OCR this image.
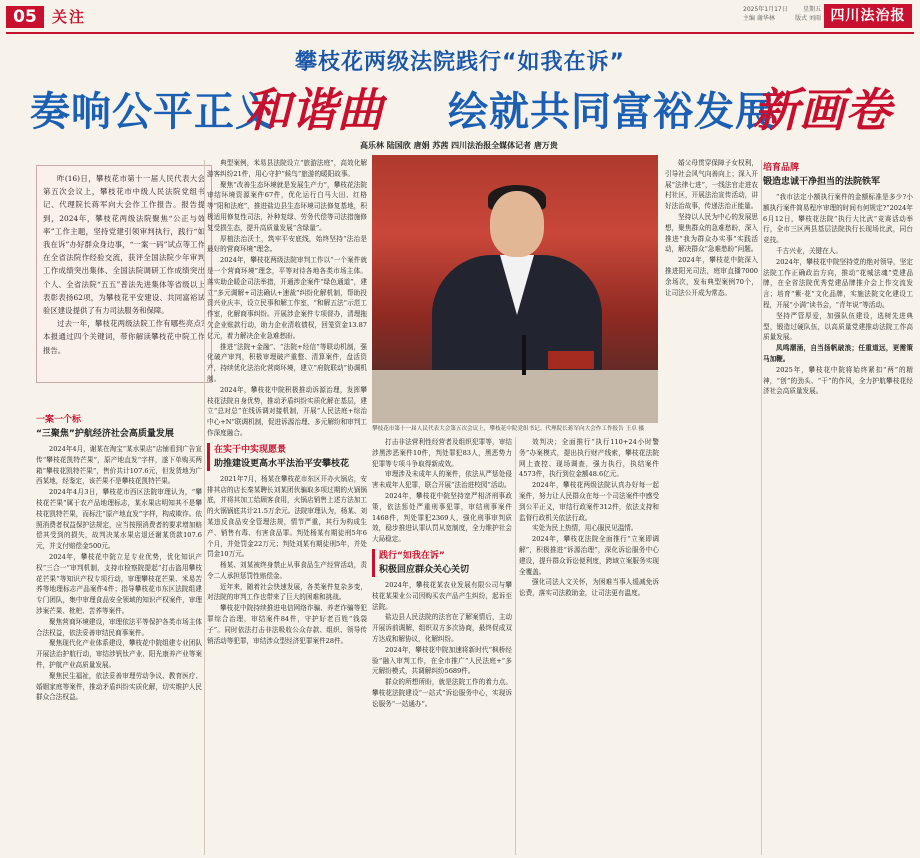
05	关注	2025年1月17日	星期五
主编 谢华林	版式 刘雨 四川法治报
攀枝花两级法院践行“如我在诉”
奏响公平正义
和谐曲 绘就共同富裕发展
新画卷
高乐林 陆国欣 唐娟 苏茜 四川法治报全媒体记者 唐万贵

昨(16)日，攀枝花市第十一届人民代表大会第五次会议上，攀枝花市中级人民法院党组书记、代理院长蒋军向大会作工作报告。报告提到，2024年，攀枝花两级法院聚焦“公正与效率”工作主题，坚持党建引领审判执行，践行“如我在诉”办好群众身边事，“一案一码”试点等工作在全省法院作经验交流，获评全国法院少年审判工作成绩突出集体、全国法院调研工作成绩突出个人、全省法院“五五”普法先进集体等省级以上表彰表扬62项，为攀枝花平安建设、共同富裕试验区建设提供了有力司法服务和保障。

过去一年，攀枝花两级法院工作有哪些亮点?本报通过四个关键词，带你解读攀枝花中院工作报告。

一案一个标
“三聚焦”护航经济社会高质量发展

2024年4月，谢某在淘宝“某水果店”店铺看到广告宣传“攀枝花凯特芒果”，原产地直发“字样，遂下单购买两箱“攀枝花凯特芒果”，售价共计107.6元，但发货地为广西某地，经鉴定，该芒果不是攀枝花凯特芒果。

2024年4月3日，攀枝花市西区法院审理认为，“攀枝花芒果”属于农产品地理标志，某水果店明知其不是攀枝花凯特芒果，而标注“原产地直发”字样，构成欺诈。依照消费者权益保护法规定，应当按照消费者的要求增加赔偿其受到的损失，故判决某水果店退还谢某货款107.6元，并支付赔偿金500元。

2024年，攀枝花中院立足专业优势，优化知识产权“三合一”审判机制，支持市检察院提起“打击盗用攀枝花芒果”等知识产权专项行动，审理攀枝花芒果、米易苦荞等地理标志产品案件4件；指导攀枝花市东区法院组建专门团队，集中审理食品安全领域的知识产权案件，审理涉案芒果、枇杷、苦荞等案件。

聚焦营商环境建设，审理依法平等保护各类市场主体合法权益，依法妥善审结民商事案件。

聚焦现代化产业体系建设，攀枝花中院组建专业团队开展法治护航行动，审结涉钒钛产业、阳光康养产业等案件，护航产业高质量发展。

聚焦民生福祉，依法妥善审理劳动争议、教育医疗、婚姻家庭等案件，推动矛盾纠纷实质化解，切实维护人民群众合法权益。

典型案例，米易县法院设立“旅游法庭”，高效化解游客纠纷21件，用心守护“候鸟”旅游的暖阳故事。

聚焦“改善生态环境就是发展生产力”，攀枝花法院审结环境资源案件67件，优化运行白马大田、红格等“阳和法庭”，推进盐边县生态环境司法修复基地，积极适用修复性司法，补种复绿、劳务代偿等司法措施修复受损生态，提升高质量发展“含绿量”。

厚植法治沃土，筑牢平安底线，始终坚持“法治是最好的营商环境”理念。

2024年，攀枝花两级法院审判工作以“一个案件就是一个营商环境”理念，平等对待各地各类市场主体。落实助企暖企司法举措，开通涉企案件“绿色通道”，建立“多元调解+司法确认+速裁”纠纷化解机制，帮助投资兴业庆丰，设立民事和解工作室，“和解五法”示范工作室，化解商事纠纷。开展涉企案件专项督办，清理拖欠企业账款行动，助力企业清收债权，回笼资金13.87亿元，着力解决企业急难愁盼。

推进“法院+金融”、“法院+经信”等联动机制，强化破产审判，积极审理破产重整、清算案件，盘活资产，持续优化法治化营商环境，建立“府院联动”协调机制。

2024年，攀枝花中院积极推动诉源治理，发挥攀枝花法院自身优势，推动矛盾纠纷实质化解在基层，建立“总对总”在线诉调对接机制，开展“人民法庭+综治中心+N”联调机制，促进诉源治理、多元解纷和审判工作深度融合。

在实干中实现愿景
助推建设更高水平法治平安攀枝花

2021年7月，杨某在攀枝花市东区开办火锅店，安排其店的店长秦某聘长刘某团伙骗取多项过期的火锅锅底，并将其加工给顾客食用，火锅店销售上述方法加工的火锅锅底共计21.5万余元。法院审理认为，杨某、刘某违反食品安全管理法规，情节严重，其行为构成生产、销售有毒、有害食品罪。判处杨某有期徒刑5年6个月，并处罚金22万元；判处刘某有期徒刑5年，并处罚金10万元。

杨某、刘某被终身禁止从事食品生产经营活动，责令二人承担惩罚性赔偿金。

近年来，随着社会快速发展，各类案件复杂多变，对法院的审判工作也带来了巨大的困难和挑战。

攀枝花中院持续推进电信网络诈骗、养老诈骗等犯罪综合治理，审结案件84件，守护好老百姓“钱袋子”。同时依法打击非法吸收公众存款、组织、领导传销活动等犯罪，审结涉众型经济犯罪案件28件。

攀枝花市第十一届人民代表大会第五次会议上，攀枝花中院党组书记、代理院长蒋军向大会作工作报告 王卓 摄

打击非法营利性经营者及组织犯罪等，审结涉黑涉恶案件10件，判处罪犯83人，黑恶势力犯罪等专项斗争取得新成效。

审理涉及未成年人的案件，依法从严惩处侵害未成年人犯罪，联合开展“法治进校园”活动。

2024年，攀枝花中院坚持宽严相济刑事政策，依法惩处严重刑事犯罪，审结刑事案件1468件，判处罪犯2369人，强化刑事审判质效，稳步推进认罪认罚从宽制度，全力维护社会大局稳定。

践行“如我在诉”
积极回应群众关心关切

2024年，攀枝花某农业发展有限公司与攀枝花某果业公司因购买农产品产生纠纷，起诉至法院。

盐边县人民法院的法官在了解案情后，主动开展诉前调解，组织双方多次协商，最终促成双方达成和解协议，化解纠纷。

2024年，攀枝花中院加速将新时代“枫桥经验”融入审判工作，在全市推广“人民法庭+”多元解纷模式，共调解纠纷5689件。

群众的所想所盼，就是法院工作的着力点。攀枝花法院建设“一站式”诉讼服务中心，实现诉讼服务“一站通办”。

效判决；全面推行“执行110+24小时警务”办案模式，提出执行财产线索，攀枝花法院网上查控、现场调查，强力执行，执结案件4573件，执行到位金额48.6亿元。

2024年，攀枝花两级法院认真办好每一起案件，努力让人民群众在每一个司法案件中感受到公平正义，审结行政案件312件，依法支持和监督行政机关依法行政。

实处为民上热情，用心服民见温情。

2024年，攀枝花法院全面推行“立案即调解”，积极推进“诉源治理”，深化诉讼服务中心建设，提升群众诉讼便利度，跨域立案服务实现全覆盖。

强化司法人文关怀，为困难当事人缓减免诉讼费，落实司法救助金，让司法更有温度。

婚父母贯穿保障子女权利，引导社会风气向善向上；深入开展“法律七进”，一线法官走进农村社区，开展法治宣传活动，讲好法治故事，传递法治正能量。

坚持以人民为中心的发展思想，聚焦群众的急难愁盼，深入推进“我为群众办实事”实践活动，解决群众“急难愁盼”问题。

2024年，攀枝花中院深入推进阳光司法，庭审直播7000余场次，发布典型案例70个，让司法公开成为常态。

培育品牌
锻造忠诚干净担当的法院铁军

“我市法定小额执行案件的金额标准是多少?小额执行案件简易程序审理的时间有何规定?”2024年6月12日，攀枝花法院“执行大比武”竞赛活动举行，全市三区两县基层法院执行长现场比武，同台竞技。

千古兴业，关键在人。

2024年，攀枝花中院坚持党的绝对领导，坚定法院工作正确政治方向，推动“花城法魂”党建品牌，在全省法院优秀党建品牌推介会上作交流发言；培育“紫·花”文化品牌，实施法院文化建设工程，开展“小满”读书会，“青年说”等活动。

坚持严管厚爱，加强队伍建设，选树先进典型，锻造过硬队伍，以高质量党建推动法院工作高质量发展。

凤鸣潮涌，自当扬帆破浪；任重道远，更需策马加鞭。

2025年，攀枝花中院将始终紧扣“两”的精神，“创”的劲头、“干”的作风，全力护航攀枝花经济社会高质量发展。
